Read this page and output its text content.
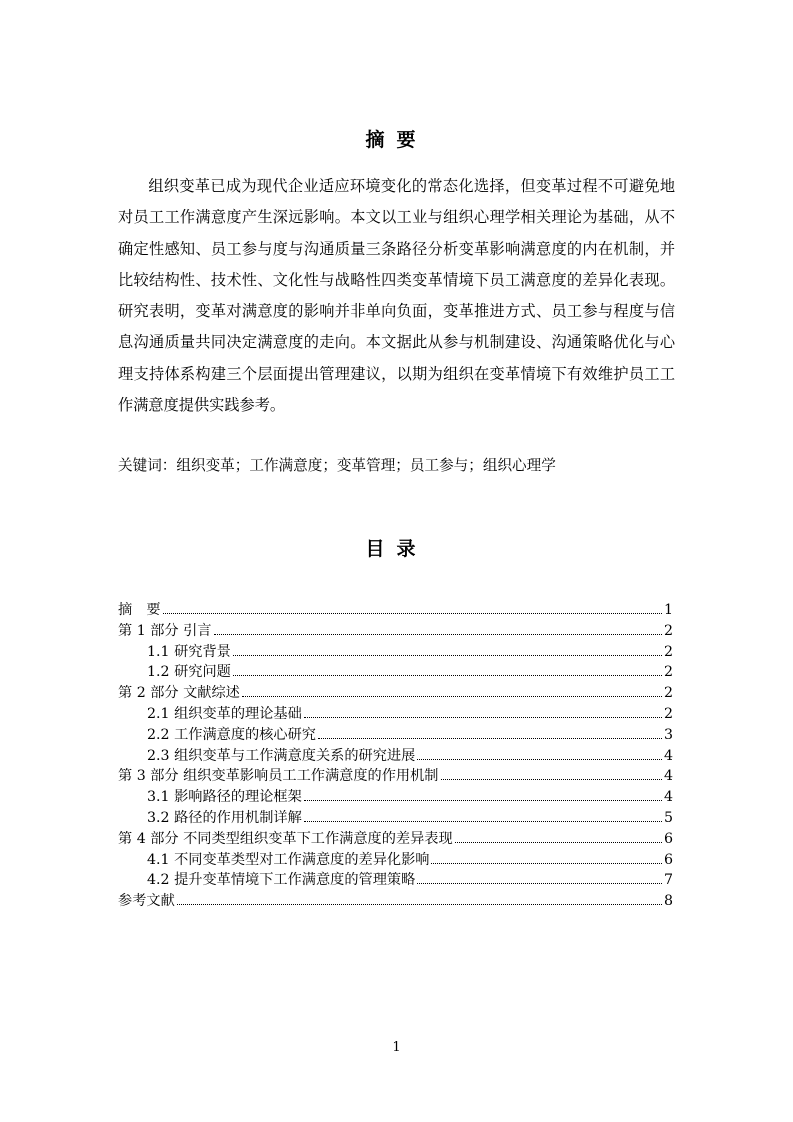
摘要

组织变革已成为现代企业适应环境变化的常态化选择，但变革过程不可避免地对员工工作满意度产生深远影响。本文以工业与组织心理学相关理论为基础，从不确定性感知、员工参与度与沟通质量三条路径分析变革影响满意度的内在机制，并比较结构性、技术性、文化性与战略性四类变革情境下员工满意度的差异化表现。研究表明，变革对满意度的影响并非单向负面，变革推进方式、员工参与程度与信息沟通质量共同决定满意度的走向。本文据此从参与机制建设、沟通策略优化与心理支持体系构建三个层面提出管理建议，以期为组织在变革情境下有效维护员工工作满意度提供实践参考。

关键词：组织变革；工作满意度；变革管理；员工参与；组织心理学

目录
摘　要	1
第 1 部分 引言	2
1.1 研究背景	2
1.2 研究问题	2
第 2 部分 文献综述	2
2.1 组织变革的理论基础	2
2.2 工作满意度的核心研究	3
2.3 组织变革与工作满意度关系的研究进展	4
第 3 部分 组织变革影响员工工作满意度的作用机制	4
3.1 影响路径的理论框架	4
3.2 路径的作用机制详解	5
第 4 部分 不同类型组织变革下工作满意度的差异表现	6
4.1 不同变革类型对工作满意度的差异化影响	6
4.2 提升变革情境下工作满意度的管理策略	7
参考文献	8
1
